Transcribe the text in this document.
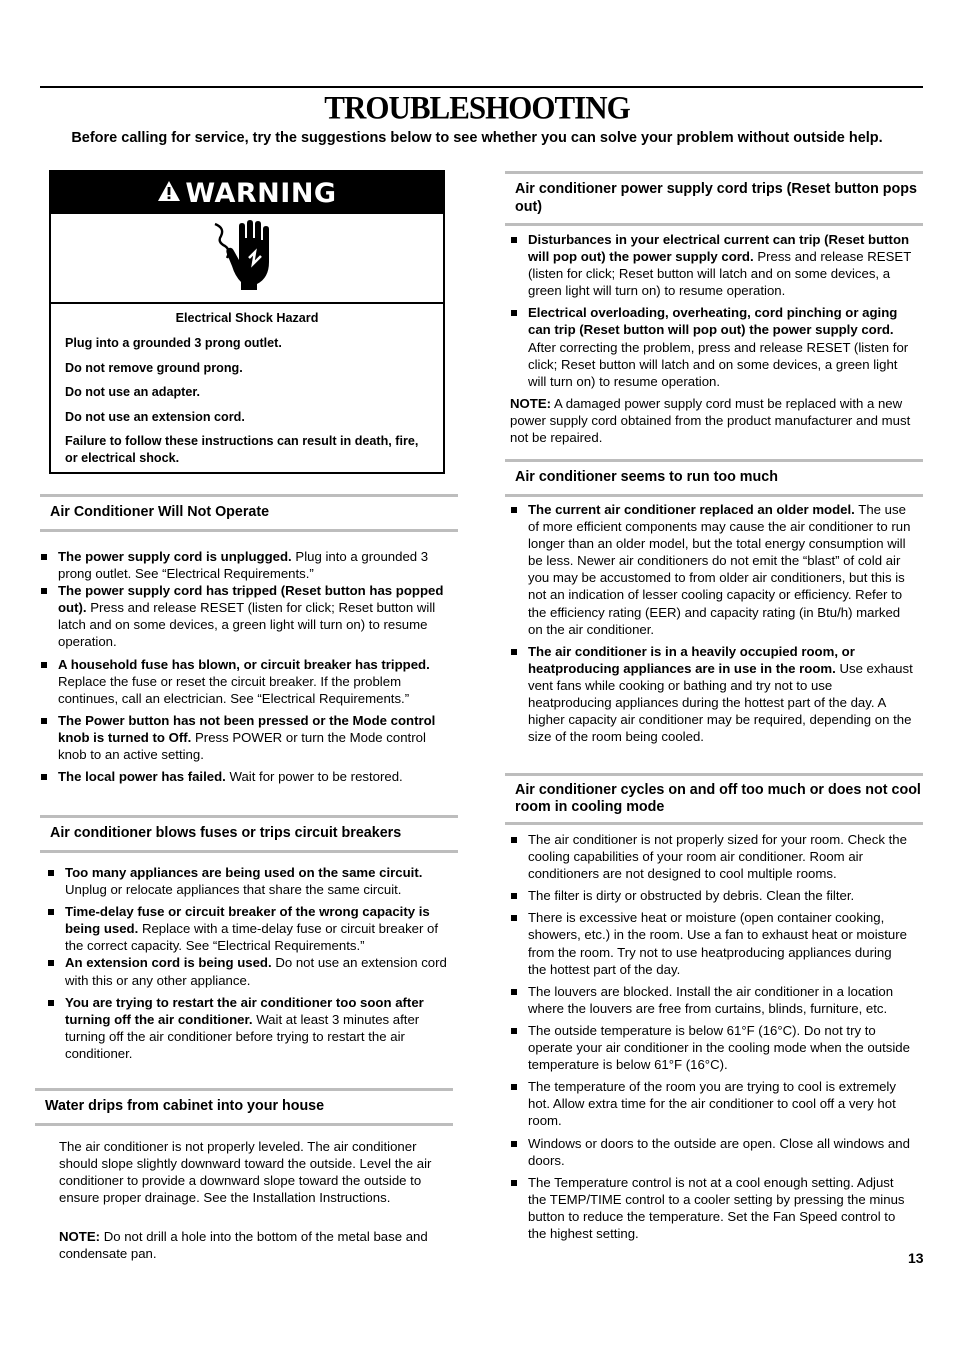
TROUBLESHOOTING
Before calling for service, try the suggestions below to see whether you can solve your problem without outside help.
WARNING
Electrical Shock Hazard

Plug into a grounded 3 prong outlet.

Do not remove ground prong.

Do not use an adapter.

Do not use an extension cord.

Failure to follow these instructions can result in death, fire, or electrical shock.

Air Conditioner Will Not Operate
The power supply cord is unplugged. Plug into a grounded 3 prong outlet. See “Electrical Requirements.”
The power supply cord has tripped (Reset button has popped out). Press and release RESET (listen for click; Reset button will latch and on some devices, a green light will turn on) to resume operation.
A household fuse has blown, or circuit breaker has tripped. Replace the fuse or reset the circuit breaker. If the problem continues, call an electrician. See “Electrical Requirements.”
The Power button has not been pressed or the Mode control knob is turned to Off. Press POWER or turn the Mode control knob to an active setting.
The local power has failed. Wait for power to be restored.
Air conditioner blows fuses or trips circuit breakers
Too many appliances are being used on the same circuit. Unplug or relocate appliances that share the same circuit.
Time-delay fuse or circuit breaker of the wrong capacity is being used. Replace with a time-delay fuse or circuit breaker of the correct capacity. See “Electrical Requirements.”
An extension cord is being used. Do not use an extension cord with this or any other appliance.
You are trying to restart the air conditioner too soon after turning off the air conditioner. Wait at least 3 minutes after turning off the air conditioner before trying to restart the air conditioner.
Water drips from cabinet into your house
The air conditioner is not properly leveled. The air conditioner should slope slightly downward toward the outside. Level the air conditioner to provide a downward slope toward the outside to ensure proper drainage. See the Installation Instructions.
NOTE: Do not drill a hole into the bottom of the metal base and condensate pan.
Air conditioner power supply cord trips (Reset button pops out)
Disturbances in your electrical current can trip (Reset button will pop out) the power supply cord. Press and release RESET (listen for click; Reset button will latch and on some devices, a green light will turn on) to resume operation.
Electrical overloading, overheating, cord pinching or aging can trip (Reset button will pop out) the power supply cord. After correcting the problem, press and release RESET (listen for click; Reset button will latch and on some devices, a green light will turn on) to resume operation.
NOTE: A damaged power supply cord must be replaced with a new power supply cord obtained from the product manufacturer and must not be repaired.
Air conditioner seems to run too much
The current air conditioner replaced an older model. The use of more efficient components may cause the air conditioner to run longer than an older model, but the total energy consumption will be less. Newer air conditioners do not emit the “blast” of cold air you may be accustomed to from older air conditioners, but this is not an indication of lesser cooling capacity or efficiency. Refer to the efficiency rating (EER) and capacity rating (in Btu/h) marked on the air conditioner.
The air conditioner is in a heavily occupied room, or heatproducing appliances are in use in the room. Use exhaust vent fans while cooking or bathing and try not to use heatproducing appliances during the hottest part of the day. A higher capacity air conditioner may be required, depending on the size of the room being cooled.
Air conditioner cycles on and off too much or does not cool room in cooling mode
The air conditioner is not properly sized for your room. Check the cooling capabilities of your room air conditioner. Room air conditioners are not designed to cool multiple rooms.
The filter is dirty or obstructed by debris. Clean the filter.
There is excessive heat or moisture (open container cooking, showers, etc.) in the room. Use a fan to exhaust heat or moisture from the room. Try not to use heatproducing appliances during the hottest part of the day.
The louvers are blocked. Install the air conditioner in a location where the louvers are free from curtains, blinds, furniture, etc.
The outside temperature is below 61°F (16°C). Do not try to operate your air conditioner in the cooling mode when the outside temperature is below 61°F (16°C).
The temperature of the room you are trying to cool is extremely hot. Allow extra time for the air conditioner to cool off a very hot room.
Windows or doors to the outside are open. Close all windows and doors.
The Temperature control is not at a cool enough setting. Adjust the TEMP/TIME control to a cooler setting by pressing the minus button to reduce the temperature. Set the Fan Speed control to the highest setting.
13
